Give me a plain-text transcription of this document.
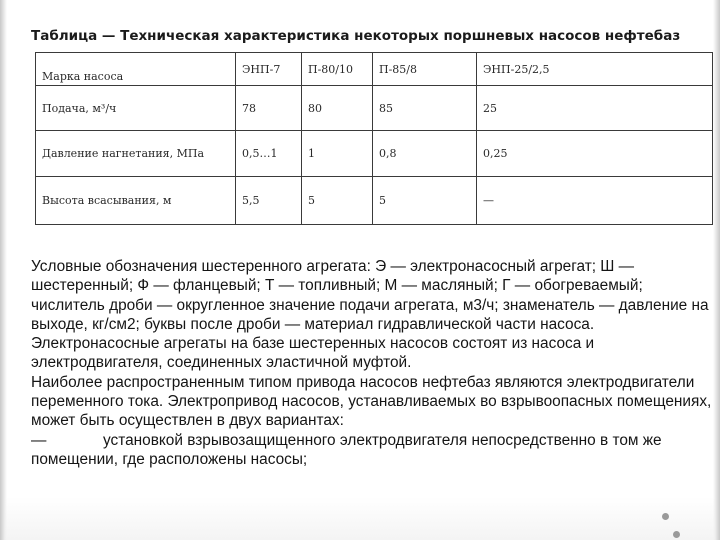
Таблица — Техническая характеристика некоторых поршневых насосов нефтебаз
Марка насоса	ЭНП-7	П-80/10	П-85/8	ЭНП-25/2,5
Подача, м³/ч	78	80	85	25
Давление нагнетания, МПа	0,5…1	1	0,8	0,25
Высота всасывания, м	5,5	5	5	—

Условные обозначения шестеренного агрегата: Э — электронасосный агрегат; Ш — шестеренный; Ф — фланцевый; Т — топливный; М — масляный; Г — обогреваемый; числитель дроби — округленное значение подачи агрегата, м3/ч; знаменатель — давление на выходе, кг/см2; буквы после дроби — материал гидравлической части насоса.

Электронасосные агрегаты на базе шестеренных насосов состоят из насоса и электродвигателя, соединенных эластичной муфтой.

Наиболее распространенным типом привода насосов нефтебаз являются электродвигатели переменного тока. Электропривод насосов, устанавливаемых во взрывоопасных помещениях, может быть осуществлен в двух вариантах:

—	установкой взрывозащищенного электродвигателя непосредственно в том же помещении, где расположены насосы;
